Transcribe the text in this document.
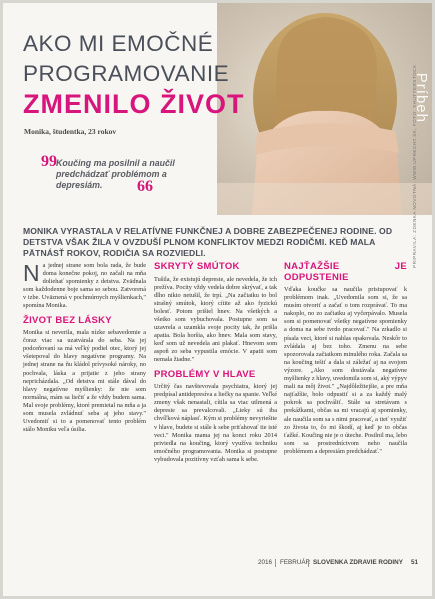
Príbeh
AKO MI EMOČNÉ
PROGRAMOVANIE
ZMENILO ŽIVOT
Monika, študentka, 23 rokov
99 Koučing ma posilnil a naučil predchádzať problémom a depresiám.	66
MONIKA VYRASTALA V RELATÍVNE FUNKČNEJ A DOBRE ZABEZPEČENEJ RODINE. OD DETSTVA VŠAK ŽILA V OVZDUŠÍ PLNOM KONFLIKTOV MEDZI RODIČMI. KEĎ MALA PÄTNÁSŤ ROKOV, RODIČIA SA ROZVIEDLI.

Na jednej strane som bola rada, že bude doma konečne pokoj, no začali na mňa doliehať spomienky z detstva. Zvädnala som každodenne boje sama so sebou. Zatvorená v izbe. Uväznená v pochmúrnych myšlienkach," spomína Monika.

ŽIVOT BEZ LÁSKY

Monika si neverila, mala nízke sebavedomie a čoraz viac sa uzatvárala do seba. Na jej podceňovaní sa má veľký podiel otec, ktorý jej všetepoval do hlavy negatívne programy. Na jednej strane na ňu kládol prívysoké nároky, no pochvala, láska a prijatie z jeho strany nepricházdala. „Od detstva mi stále dával do hlavy negatívne myšlienky: že nie som normálna, mám sa liečiť a že vždy budem sama. Mal svoje problémy, ktoré premietal na mňa a ja som musela zvládnuť seba aj jeho stavy." Uvedomiť si to a pomenovať tento problém stálo Moniku veľa úsilia.

SKRYTÝ SMÚTOK

Tušila, že existujú depresie, ale nevedela, že ich prežíva. Pocity vždy vedela dobre skrývať, a tak dlho nikto netušil, že trpí. „Na začiatku to bol strašný smútok, ktorý cítite až ako fyzickú bolesť. Potom prišiel hnev. Na všetkých a všetko som vybuchovala. Postupne som sa uzavrela a uzamkla svoje pocity tak, že prišla apatia. Bola horšia, ako hnev. Mala som stavy, keď som už nevedela ani plakať. Hnevom som aspoň zo seba vypustila emócie. V apatii som nemala žiadne."

PROBLÉMY V HLAVE

Určitý čas navštevovala psychiatra, ktorý jej predpísal antidepresíva a liečky na spanie. Veľké zmeny však nenastali, cítila sa viac utlmená a depresie sa prevalcovali. „Lieky sú iba chvíľková náplasť. Kým si problémy nevyriešite v hlave, budete si stále k sebe priťahovať tie isté veci." Monika mama jej na konci roku 2014 priviedla na koučing, ktorý využíva techniku emočného programovania. Monika si postupne vybudovala pozitívny vzťah sama k sebe.

NAJŤAŽŠIE JE ODPUSTENIE

Vďaka koučke sa naučila pristupovať k problémom inak. „Uvedomila som si, že sa musím otvoriť a začať o tom rozprávať. To ma nakoplo, no zo začiatku aj vyčerpávalo. Musela som si pomenovať všetky negatívne spomienky a doma na sebe tvrdo pracovať." Na zrkadlo si písala veci, ktoré si nahlas opakovala. Neskôr to zvládala aj bez toho. Zmenu na sebe spozorovala začiatkom minulého roka. Začala sa na koučing tešiť a dala si záležať aj na svojom výzore. „Ako som dostávala negatívne myšlienky z hlavy, uvedomila som si, aký výpyv mali na môj život." „Najdôležitejšie, a pre mňa najťažšie, bolo odpustiť si a za každý malý pokrok sa pochváliť. Stále sa stretávam s prekážkami, občas sa mi vracajú aj spomienky, ale naučila som sa s nimi pracovať, a tieť využiť zo života to, čo mi škodí, aj keď je to občas ťažké. Koučing nie je o úteche. Posilnil ma, lebo som sa prostredníctvom neho naučila problémom a depresiám predchádzať."

PRIPRAVILA: ZDENKA NOVOTNÁ, WWW.UPRECHT.SK, FOTO: SHUTTERSTOCK
2016 FEBRUÁR SLOVENKA ZDRAVIE RODINY 51
